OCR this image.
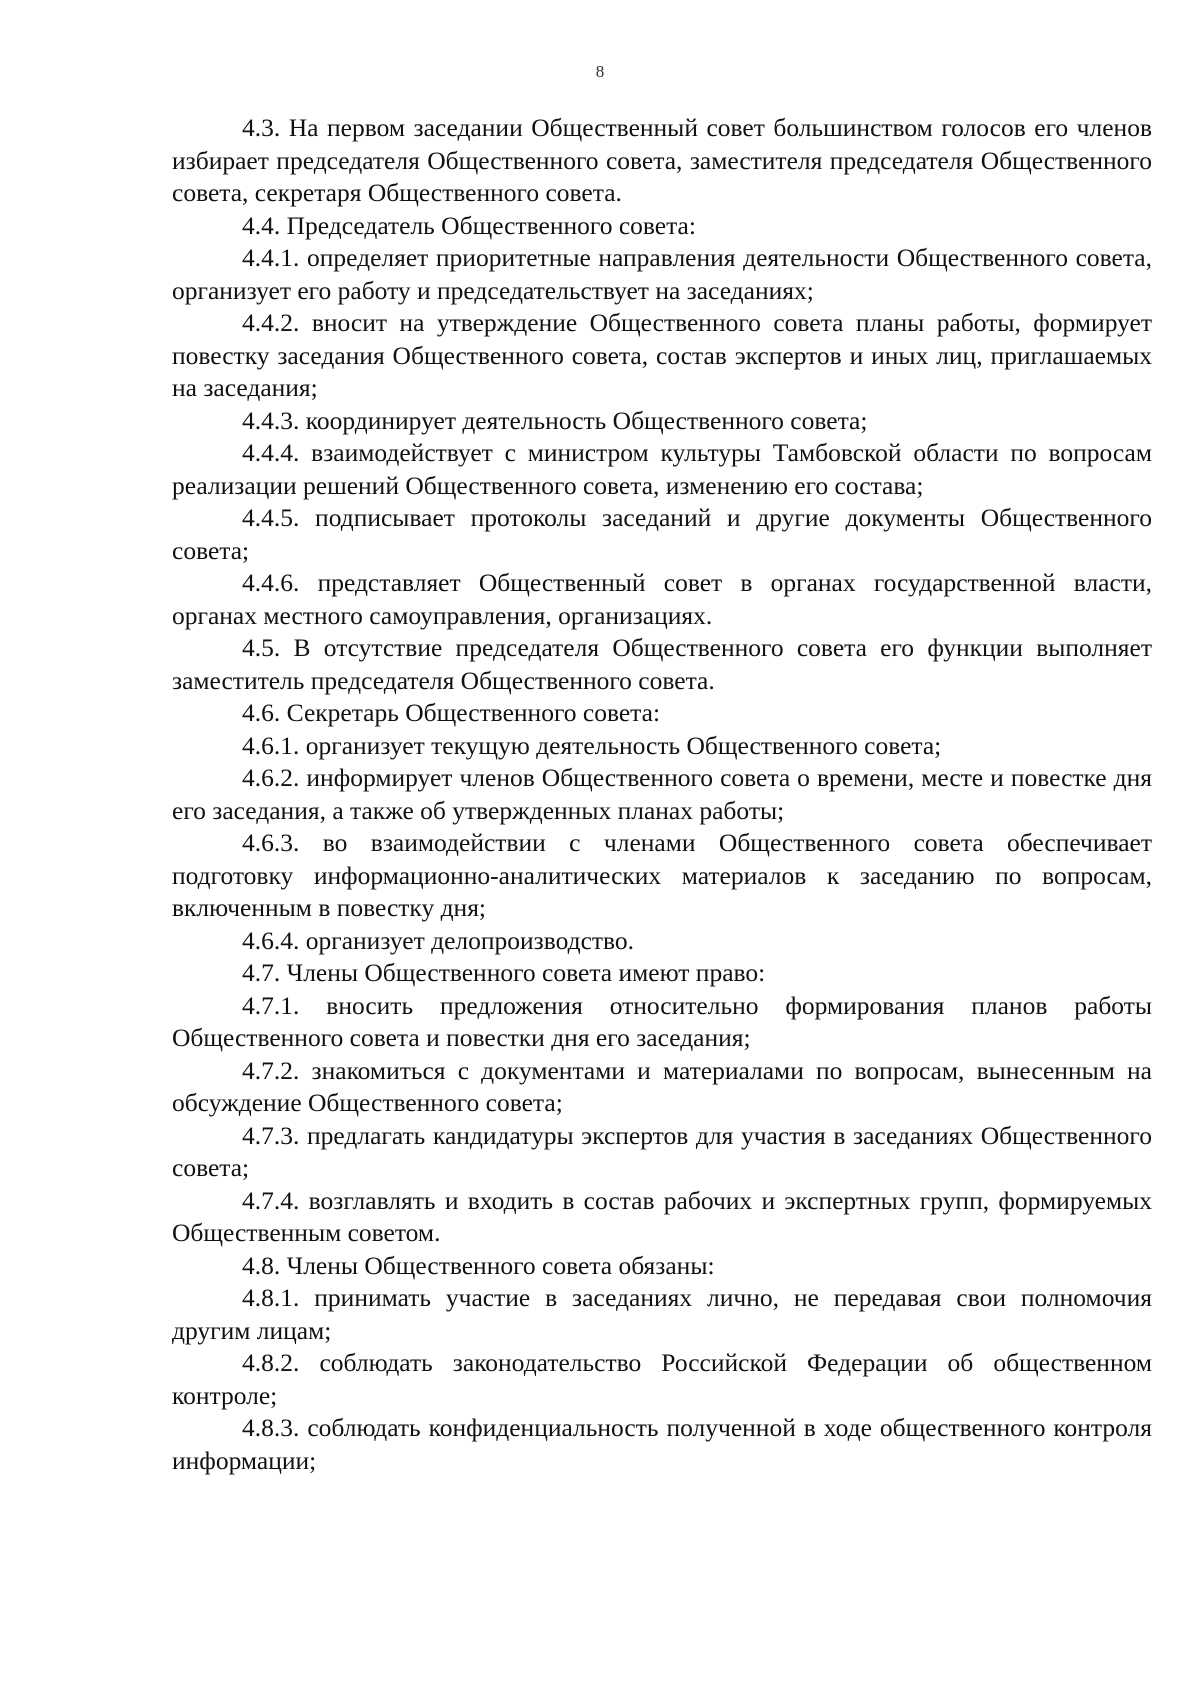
8

4.3. На первом заседании Общественный совет большинством голосов его членов избирает председателя Общественного совета, заместителя председателя Общественного совета, секретаря Общественного совета.

4.4. Председатель Общественного совета:

4.4.1. определяет приоритетные направления деятельности Общественного совета, организует его работу и председательствует на заседаниях;

4.4.2. вносит на утверждение Общественного совета планы работы, формирует повестку заседания Общественного совета, состав экспертов и иных лиц, приглашаемых на заседания;

4.4.3. координирует деятельность Общественного совета;

4.4.4. взаимодействует с министром культуры Тамбовской области по вопросам реализации решений Общественного совета, изменению его состава;

4.4.5. подписывает протоколы заседаний и другие документы Общественного совета;

4.4.6. представляет Общественный совет в органах государственной власти, органах местного самоуправления, организациях.

4.5. В отсутствие председателя Общественного совета его функции выполняет заместитель председателя Общественного совета.

4.6. Секретарь Общественного совета:

4.6.1. организует текущую деятельность Общественного совета;

4.6.2. информирует членов Общественного совета о времени, месте и повестке дня его заседания, а также об утвержденных планах работы;

4.6.3. во взаимодействии с членами Общественного совета обеспечивает подготовку информационно-аналитических материалов к заседанию по вопросам, включенным в повестку дня;

4.6.4. организует делопроизводство.

4.7. Члены Общественного совета имеют право:

4.7.1. вносить предложения относительно формирования планов работы Общественного совета и повестки дня его заседания;

4.7.2. знакомиться с документами и материалами по вопросам, вынесенным на обсуждение Общественного совета;

4.7.3. предлагать кандидатуры экспертов для участия в заседаниях Общественного совета;

4.7.4. возглавлять и входить в состав рабочих и экспертных групп, формируемых Общественным советом.

4.8. Члены Общественного совета обязаны:

4.8.1. принимать участие в заседаниях лично, не передавая свои полномочия другим лицам;

4.8.2. соблюдать законодательство Российской Федерации об общественном контроле;

4.8.3. соблюдать конфиденциальность полученной в ходе общественного контроля информации;
